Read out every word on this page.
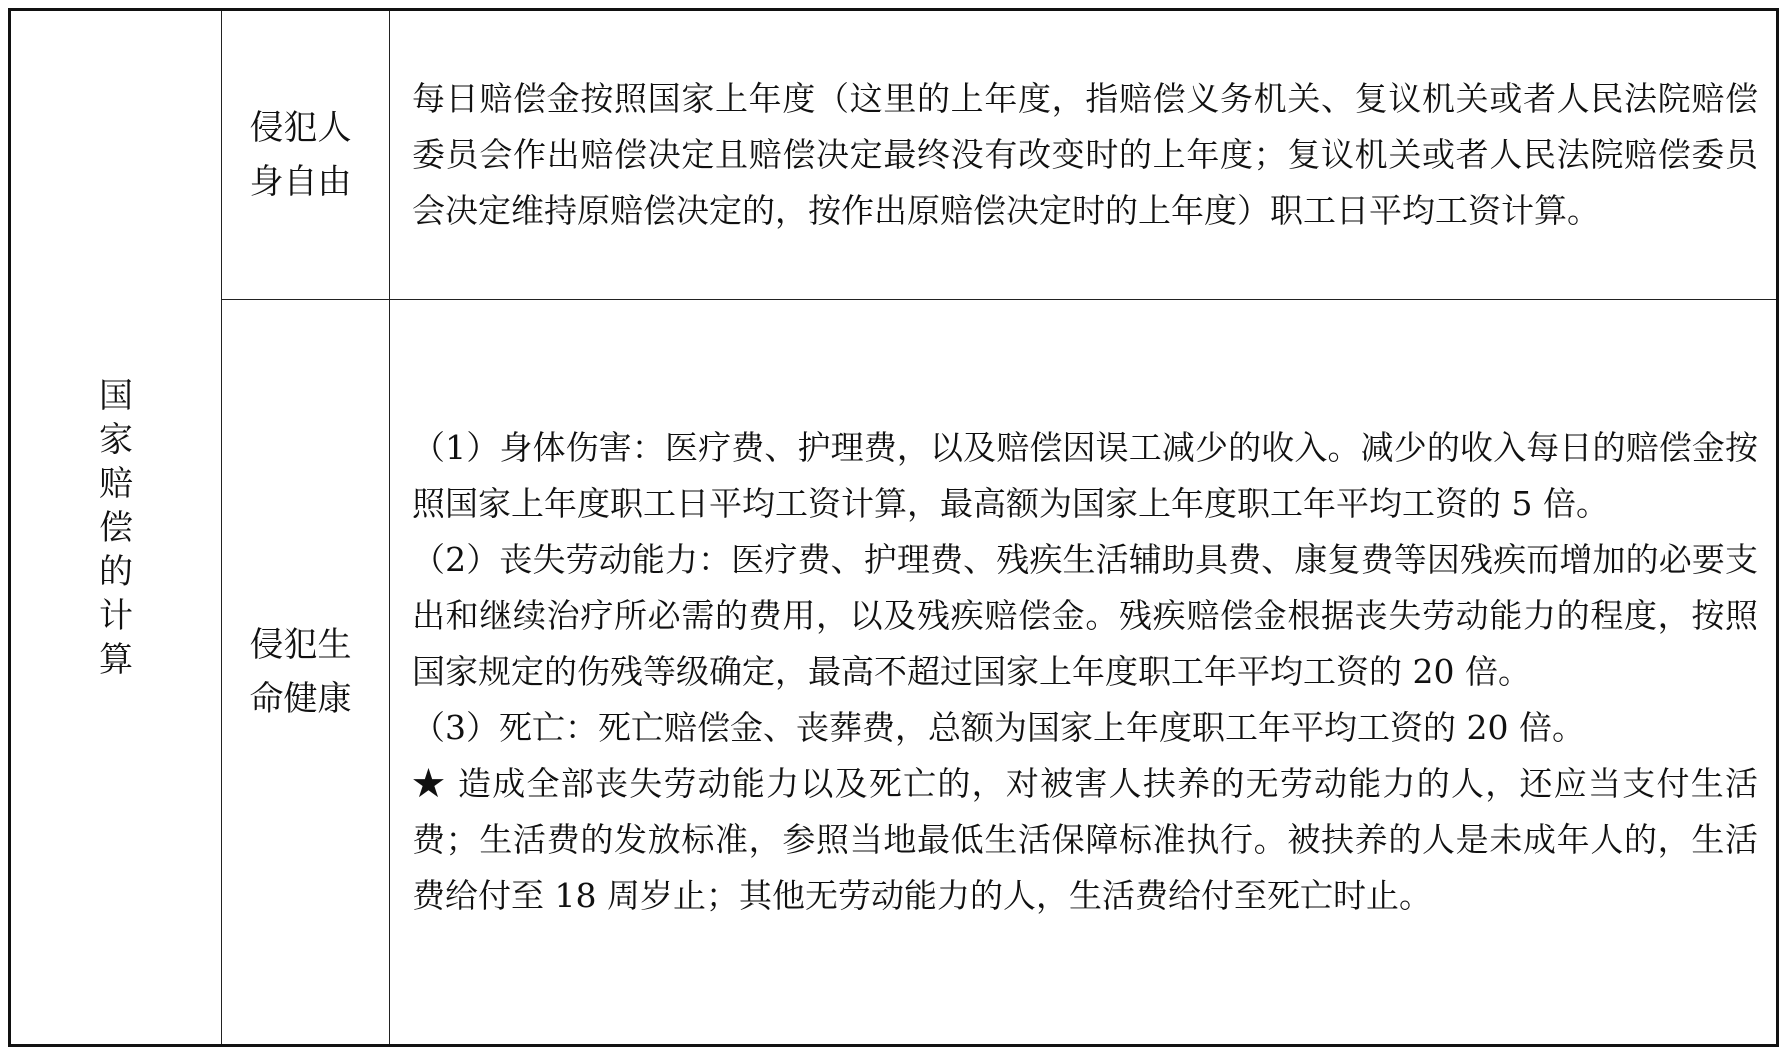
国家赔偿的计算	侵犯人身自由	每日赔偿金按照国家上年度（这里的上年度，指赔偿义务机关、复议机关或者人民法院赔偿委员会作出赔偿决定且赔偿决定最终没有改变时的上年度；复议机关或者人民法院赔偿委员会决定维持原赔偿决定的，按作出原赔偿决定时的上年度）职工日平均工资计算。

	侵犯生命健康	（1）身体伤害：医疗费、护理费，以及赔偿因误工减少的收入。减少的收入每日的赔偿金按照国家上年度职工日平均工资计算，最高额为国家上年度职工年平均工资的 5 倍。

（2）丧失劳动能力：医疗费、护理费、残疾生活辅助具费、康复费等因残疾而增加的必要支出和继续治疗所必需的费用，以及残疾赔偿金。残疾赔偿金根据丧失劳动能力的程度，按照国家规定的伤残等级确定，最高不超过国家上年度职工年平均工资的 20 倍。

（3）死亡：死亡赔偿金、丧葬费，总额为国家上年度职工年平均工资的 20 倍。

★ 造成全部丧失劳动能力以及死亡的，对被害人扶养的无劳动能力的人，还应当支付生活费；生活费的发放标准，参照当地最低生活保障标准执行。被扶养的人是未成年人的，生活费给付至 18 周岁止；其他无劳动能力的人，生活费给付至死亡时止。
